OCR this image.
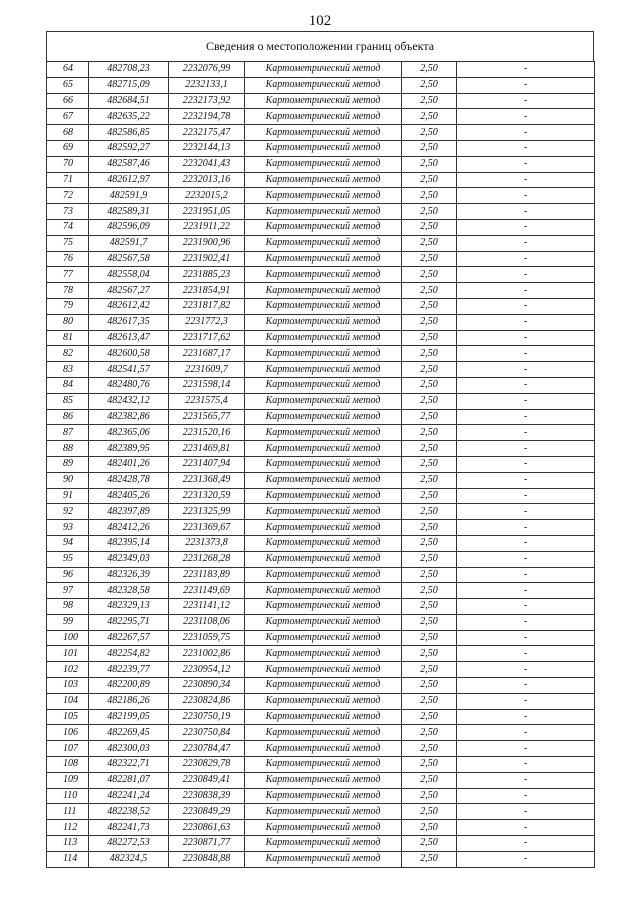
102
Сведения о местоположении границ объекта
64	482708,23	2232076,99	Картометрический метод	2,50	-
65	482715,09	2232133,1	Картометрический метод	2,50	-
66	482684,51	2232173,92	Картометрический метод	2,50	-
67	482635,22	2232194,78	Картометрический метод	2,50	-
68	482586,85	2232175,47	Картометрический метод	2,50	-
69	482592,27	2232144,13	Картометрический метод	2,50	-
70	482587,46	2232041,43	Картометрический метод	2,50	-
71	482612,97	2232013,16	Картометрический метод	2,50	-
72	482591,9	2232015,2	Картометрический метод	2,50	-
73	482589,31	2231951,05	Картометрический метод	2,50	-
74	482596,09	2231911,22	Картометрический метод	2,50	-
75	482591,7	2231900,96	Картометрический метод	2,50	-
76	482567,58	2231902,41	Картометрический метод	2,50	-
77	482558,04	2231885,23	Картометрический метод	2,50	-
78	482567,27	2231854,91	Картометрический метод	2,50	-
79	482612,42	2231817,82	Картометрический метод	2,50	-
80	482617,35	2231772,3	Картометрический метод	2,50	-
81	482613,47	2231717,62	Картометрический метод	2,50	-
82	482600,58	2231687,17	Картометрический метод	2,50	-
83	482541,57	2231609,7	Картометрический метод	2,50	-
84	482480,76	2231598,14	Картометрический метод	2,50	-
85	482432,12	2231575,4	Картометрический метод	2,50	-
86	482382,86	2231565,77	Картометрический метод	2,50	-
87	482365,06	2231520,16	Картометрический метод	2,50	-
88	482389,95	2231469,81	Картометрический метод	2,50	-
89	482401,26	2231407,94	Картометрический метод	2,50	-
90	482428,78	2231368,49	Картометрический метод	2,50	-
91	482405,26	2231320,59	Картометрический метод	2,50	-
92	482397,89	2231325,99	Картометрический метод	2,50	-
93	482412,26	2231369,67	Картометрический метод	2,50	-
94	482395,14	2231373,8	Картометрический метод	2,50	-
95	482349,03	2231268,28	Картометрический метод	2,50	-
96	482326,39	2231183,89	Картометрический метод	2,50	-
97	482328,58	2231149,69	Картометрический метод	2,50	-
98	482329,13	2231141,12	Картометрический метод	2,50	-
99	482295,71	2231108,06	Картометрический метод	2,50	-
100	482267,57	2231059,75	Картометрический метод	2,50	-
101	482254,82	2231002,86	Картометрический метод	2,50	-
102	482239,77	2230954,12	Картометрический метод	2,50	-
103	482200,89	2230890,34	Картометрический метод	2,50	-
104	482186,26	2230824,86	Картометрический метод	2,50	-
105	482199,05	2230750,19	Картометрический метод	2,50	-
106	482269,45	2230750,84	Картометрический метод	2,50	-
107	482300,03	2230784,47	Картометрический метод	2,50	-
108	482322,71	2230829,78	Картометрический метод	2,50	-
109	482281,07	2230849,41	Картометрический метод	2,50	-
110	482241,24	2230838,39	Картометрический метод	2,50	-
111	482238,52	2230849,29	Картометрический метод	2,50	-
112	482241,73	2230861,63	Картометрический метод	2,50	-
113	482272,53	2230871,77	Картометрический метод	2,50	-
114	482324,5	2230848,88	Картометрический метод	2,50	-
